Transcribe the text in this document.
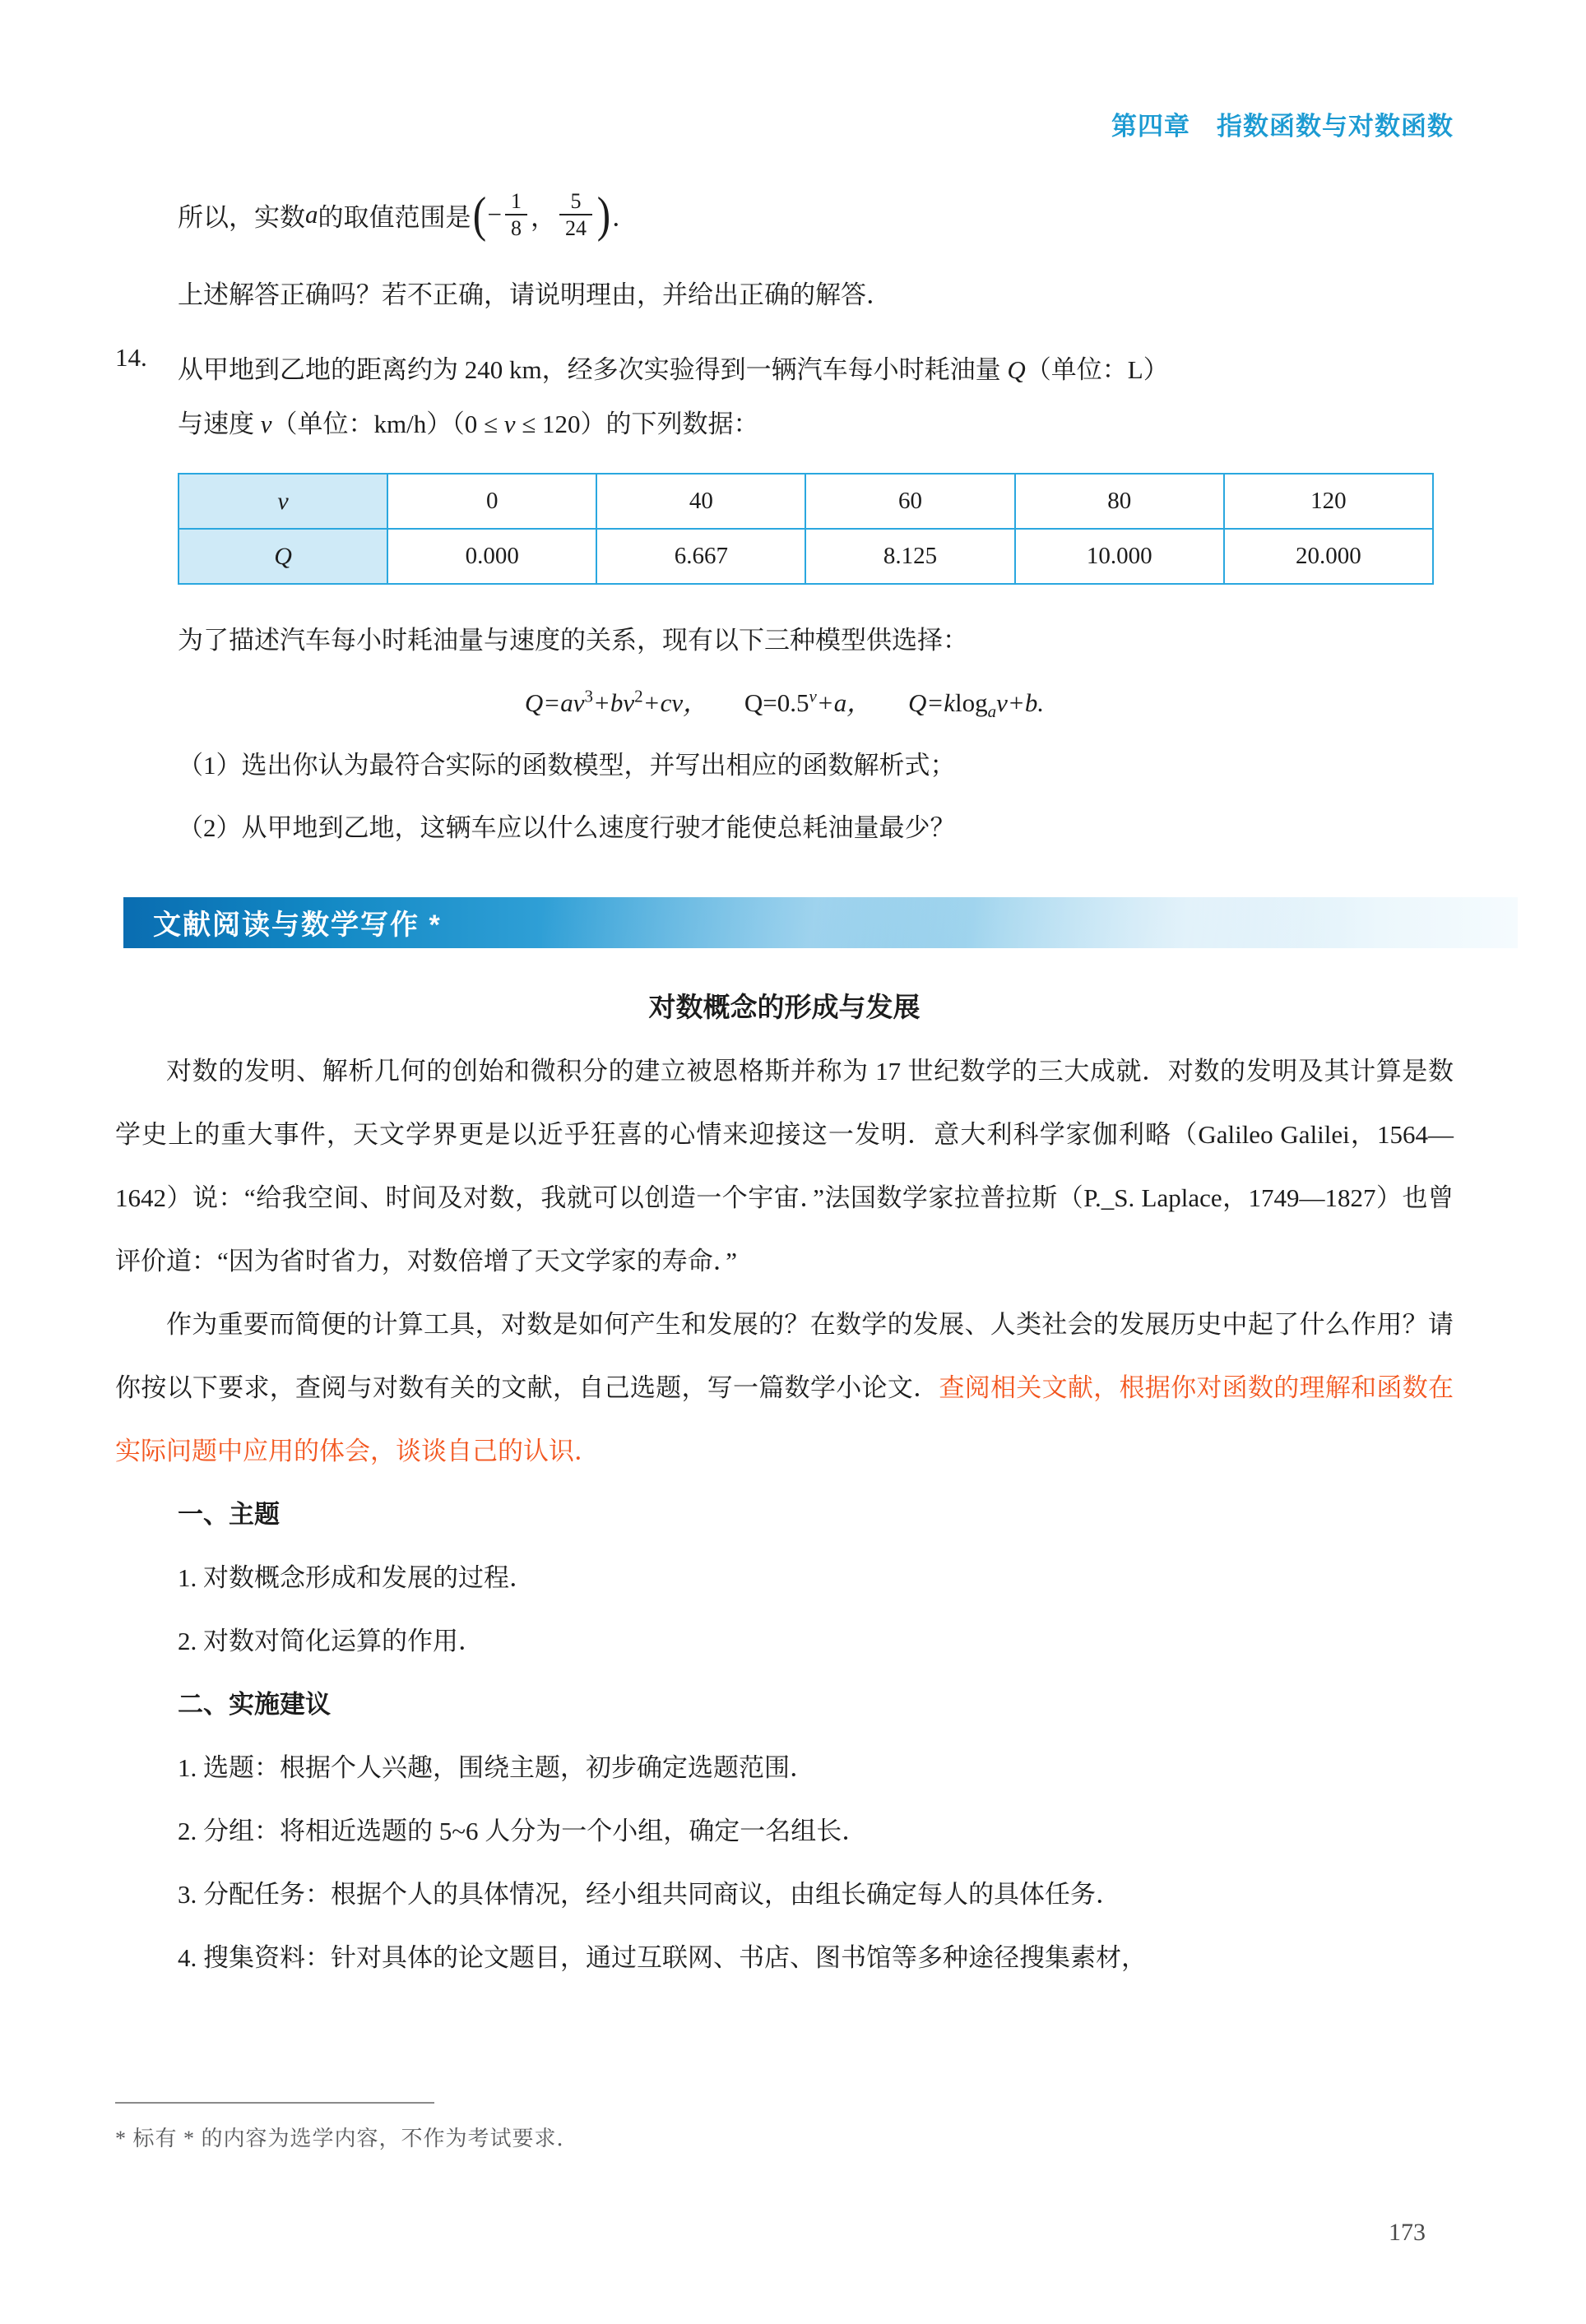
第四章　指数函数与对数函数
所以，实数 a 的取值范围是 ( − $\frac{1}{8}$ ， $\frac{5}{24}$ ) ．
上述解答正确吗？若不正确，请说明理由，并给出正确的解答．
14.	从甲地到乙地的距离约为 240 km，经多次实验得到一辆汽车每小时耗油量 Q（单位：L）
与速度 v（单位：km/h）（0 ≤ v ≤ 120）的下列数据：
v	0	40	60	80	120
Q	0.000	6.667	8.125	10.000	20.000
为了描述汽车每小时耗油量与速度的关系，现有以下三种模型供选择：
$Q=av^3+bv^2+cv$， $Q=0.5^v+a$， Q=klog$_a$v+b.
（1）选出你认为最符合实际的函数模型，并写出相应的函数解析式；
（2）从甲地到乙地，这辆车应以什么速度行驶才能使总耗油量最少？
文献阅读与数学写作 *
对数概念的形成与发展

对数的发明、解析几何的创始和微积分的建立被恩格斯并称为 17 世纪数学的三大成就．对数的发明及其计算是数学史上的重大事件，天文学界更是以近乎狂喜的心情来迎接这一发明．意大利科学家伽利略（Galileo Galilei，1564—1642）说：“给我空间、时间及对数，我就可以创造一个宇宙．”法国数学家拉普拉斯（P._S. Laplace，1749—1827）也曾评价道：“因为省时省力，对数倍增了天文学家的寿命．”

作为重要而简便的计算工具，对数是如何产生和发展的？在数学的发展、人类社会的发展历史中起了什么作用？请你按以下要求，查阅与对数有关的文献，自己选题，写一篇数学小论文．查阅相关文献，根据你对函数的理解和函数在实际问题中应用的体会，谈谈自己的认识．

一、主题
1. 对数概念形成和发展的过程．
2. 对数对简化运算的作用．
二、实施建议
1. 选题：根据个人兴趣，围绕主题，初步确定选题范围．
2. 分组：将相近选题的 5~6 人分为一个小组，确定一名组长．
3. 分配任务：根据个人的具体情况，经小组共同商议，由组长确定每人的具体任务．
4. 搜集资料：针对具体的论文题目，通过互联网、书店、图书馆等多种途径搜集素材，
* 标有 * 的内容为选学内容，不作为考试要求．
173
